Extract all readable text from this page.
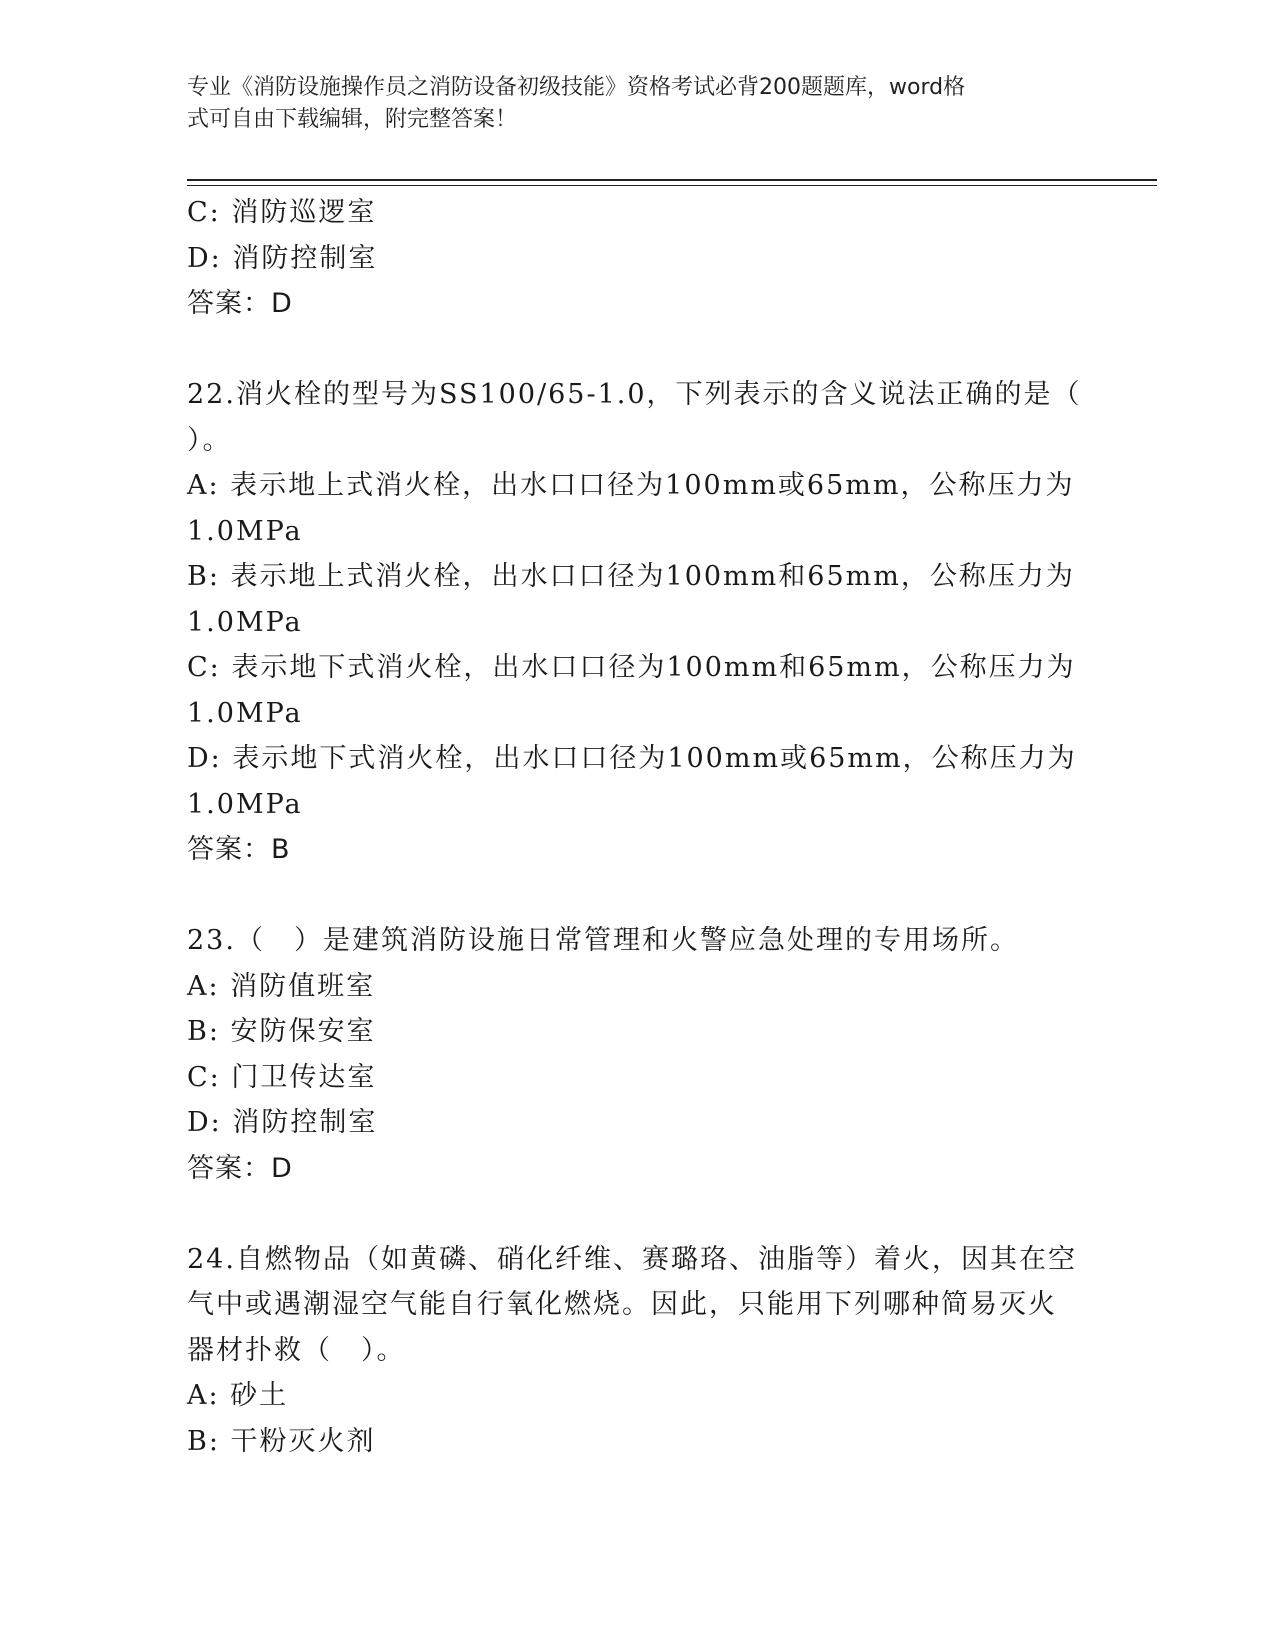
专业《消防设施操作员之消防设备初级技能》资格考试必背200题题库，word格
式可自由下载编辑，附完整答案！
C: 消防巡逻室
D: 消防控制室
答案：D
22.消火栓的型号为SS100/65-1.0，下列表示的含义说法正确的是（
）。
A: 表示地上式消火栓，出水口口径为100mm或65mm，公称压力为
1.0MPa
B: 表示地上式消火栓，出水口口径为100mm和65mm，公称压力为
1.0MPa
C: 表示地下式消火栓，出水口口径为100mm和65mm，公称压力为
1.0MPa
D: 表示地下式消火栓，出水口口径为100mm或65mm，公称压力为
1.0MPa
答案：B
23.（　）是建筑消防设施日常管理和火警应急处理的专用场所。
A: 消防值班室
B: 安防保安室
C: 门卫传达室
D: 消防控制室
答案：D
24.自燃物品（如黄磷、硝化纤维、赛璐珞、油脂等）着火，因其在空
气中或遇潮湿空气能自行氧化燃烧。因此，只能用下列哪种简易灭火
器材扑救（　）。
A: 砂土
B: 干粉灭火剂
